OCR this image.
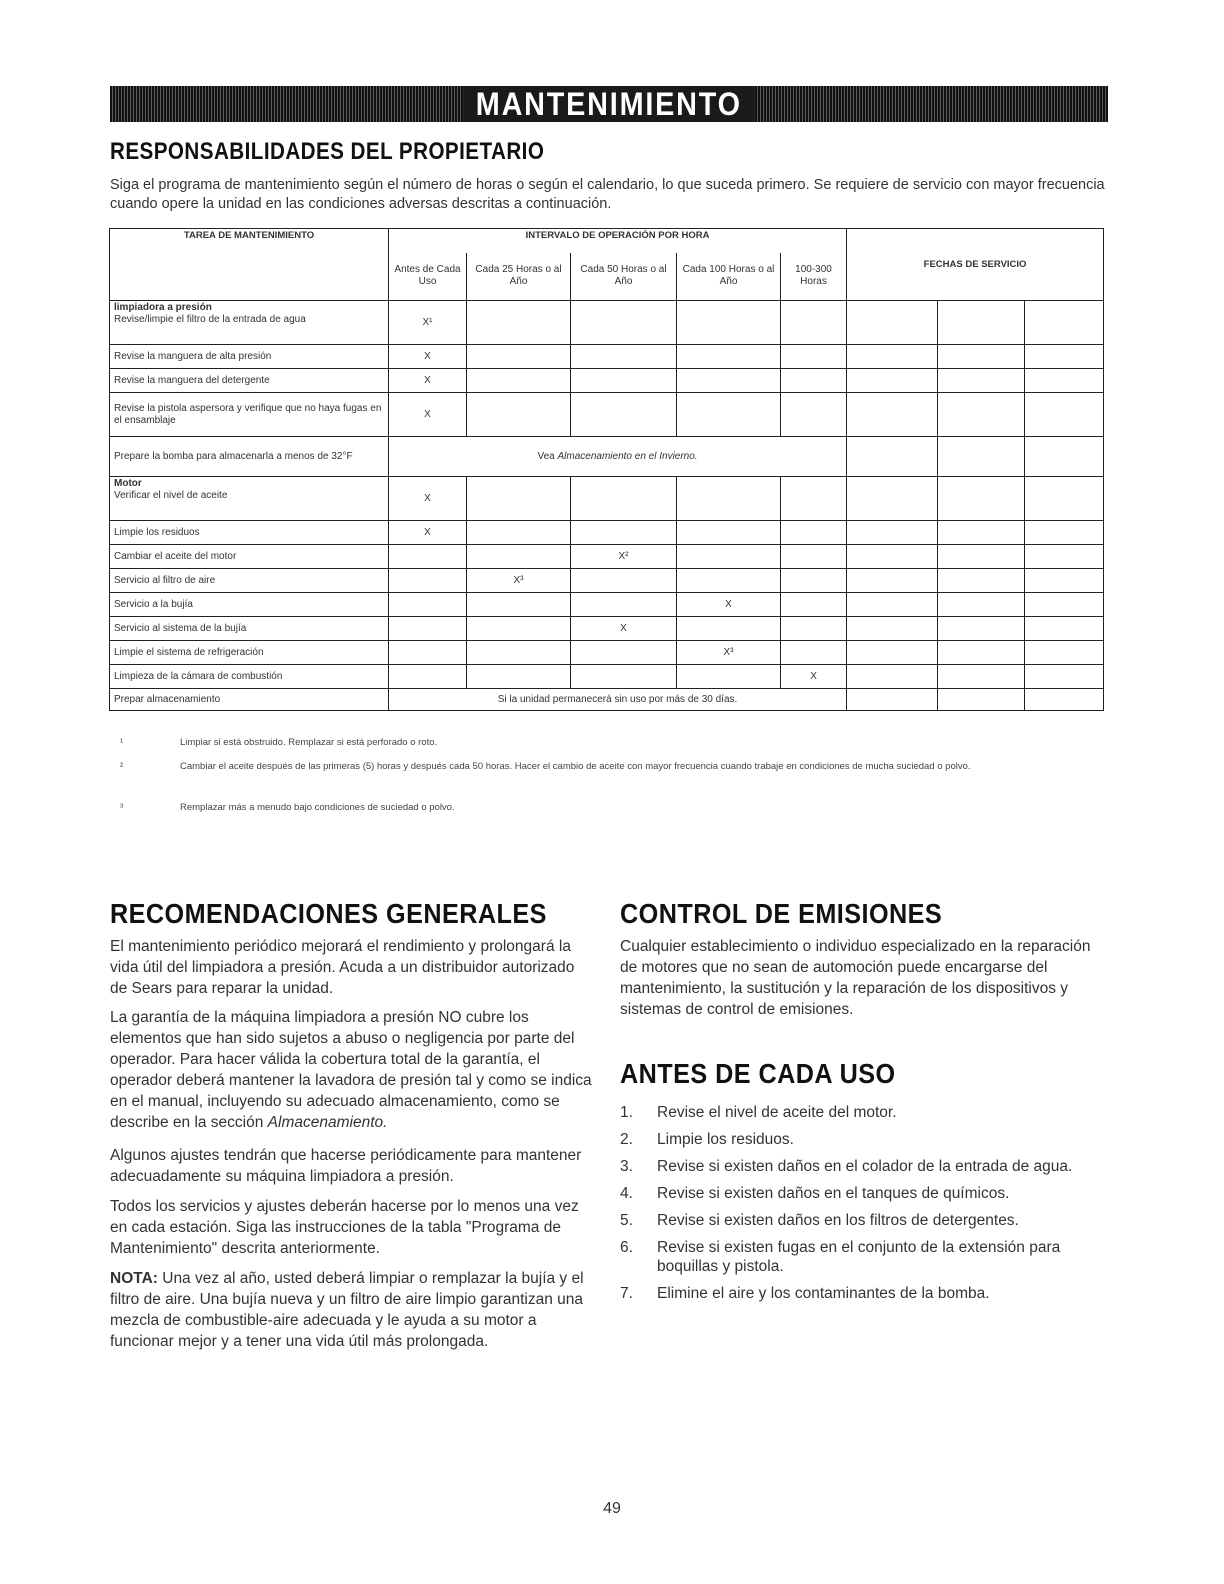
MANTENIMIENTO
RESPONSABILIDADES DEL PROPIETARIO

Siga el programa de mantenimiento según el número de horas o según el calendario, lo que suceda primero. Se requiere de servicio con mayor frecuencia cuando opere la unidad en las condiciones adversas descritas a continuación.

TAREA DE MANTENIMIENTO	INTERVALO DE OPERACIÓN POR HORA					FECHAS DE SERVICIO		
	Antes de Cada Uso	Cada 25 Horas o al Año	Cada 50 Horas o al Año	Cada 100 Horas o al Año	100-300 Horas			

limpiadora a presión
Revise/limpie el filtro de la entrada de agua	X¹							
Revise la manguera de alta presión	X							
Revise la manguera del detergente	X							
Revise la pistola aspersora y verifique que no haya fugas en el ensamblaje	X							
Prepare la bomba para almacenarla a menos de 32°F	Vea Almacenamiento en el Invierno.							

Motor
Verificar el nivel de aceite	X							
Limpie los residuos	X							
Cambiar el aceite del motor			X²					
Servicio al filtro de aire		X³						
Servicio a la bujía				X				
Servicio al sistema de la bujía			X					
Limpie el sistema de refrigeración				X³				
Limpieza de la cámara de combustión					X			
Prepar almacenamiento	Si la unidad permanecerá sin uso por más de 30 días.							
¹	Limpiar si está obstruido. Remplazar si está perforado o roto.
²	Cambiar el aceite después de las primeras (5) horas y después cada 50 horas. Hacer el cambio de aceite con mayor frecuencia cuando trabaje en condiciones de mucha suciedad o polvo.
³	Remplazar más a menudo bajo condiciones de suciedad o polvo.
RECOMENDACIONES GENERALES

El mantenimiento periódico mejorará el rendimiento y prolongará la vida útil del limpiadora a presión. Acuda a un distribuidor autorizado de Sears para reparar la unidad.

La garantía de la máquina limpiadora a presión NO cubre los elementos que han sido sujetos a abuso o negligencia por parte del operador. Para hacer válida la cobertura total de la garantía, el operador deberá mantener la lavadora de presión tal y como se indica en el manual, incluyendo su adecuado almacenamiento, como se describe en la sección Almacenamiento.

Algunos ajustes tendrán que hacerse periódicamente para mantener adecuadamente su máquina limpiadora a presión.

Todos los servicios y ajustes deberán hacerse por lo menos una vez en cada estación. Siga las instrucciones de la tabla "Programa de Mantenimiento" descrita anteriormente.

NOTA: Una vez al año, usted deberá limpiar o remplazar la bujía y el filtro de aire. Una bujía nueva y un filtro de aire limpio garantizan una mezcla de combustible-aire adecuada y le ayuda a su motor a funcionar mejor y a tener una vida útil más prolongada.

CONTROL DE EMISIONES

Cualquier establecimiento o individuo especializado en la reparación de motores que no sean de automoción puede encargarse del mantenimiento, la sustitución y la reparación de los dispositivos y sistemas de control de emisiones.

ANTES DE CADA USO
1. Revise el nivel de aceite del motor.
2. Limpie los residuos.
3. Revise si existen daños en el colador de la entrada de agua.
4. Revise si existen daños en el tanques de químicos.
5. Revise si existen daños en los filtros de detergentes.
6. Revise si existen fugas en el conjunto de la extensión para boquillas y pistola.
7. Elimine el aire y los contaminantes de la bomba.
49
